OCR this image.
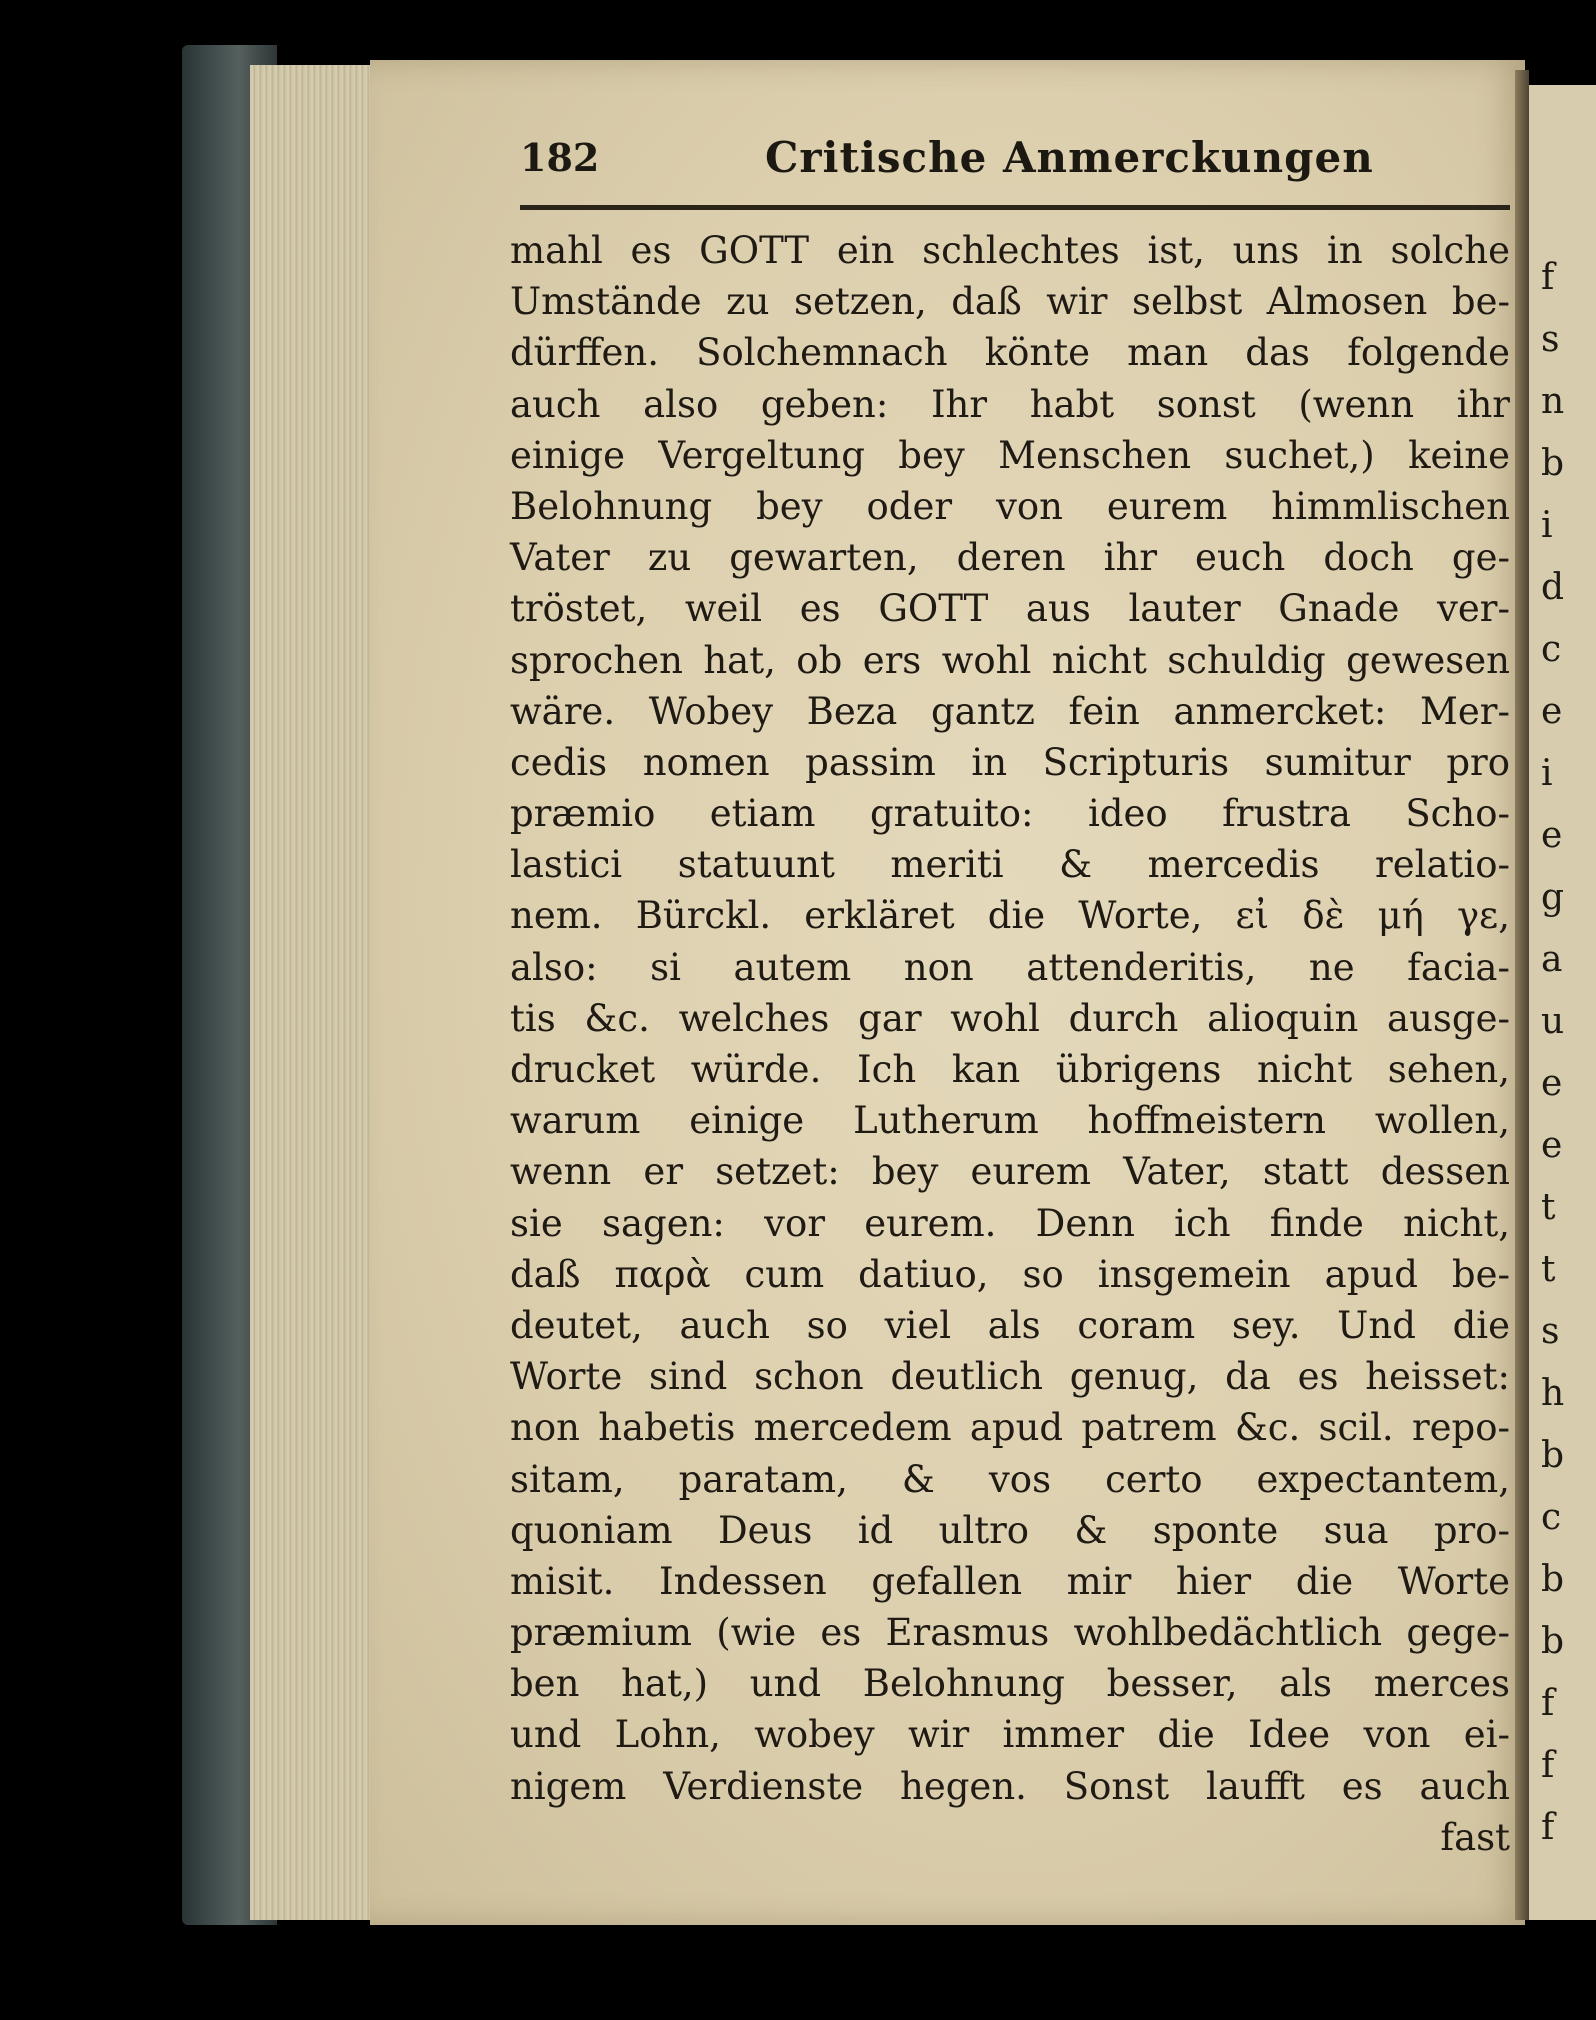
f
s
n
b
i
d
c
e
i
e
g
a
u
e
e
t
t
s
h
b
c
b
b
f
f
f
182	Critische Anmerckungen
mahl es GOTT ein schlechtes ist, uns in solche
Umstände zu setzen, daß wir selbst Almosen be-
dürffen. Solchemnach könte man das folgende
auch also geben: Ihr habt sonst (wenn ihr
einige Vergeltung bey Menschen suchet,) keine
Belohnung bey oder von eurem himmlischen
Vater zu gewarten, deren ihr euch doch ge-
tröstet, weil es GOTT aus lauter Gnade ver-
sprochen hat, ob ers wohl nicht schuldig gewesen
wäre. Wobey Beza gantz fein anmercket: Mer-
cedis nomen passim in Scripturis sumitur pro
præmio etiam gratuito: ideo frustra Scho-
lastici statuunt meriti & mercedis relatio-
nem. Bürckl. erkläret die Worte, εἰ δὲ μή γε,
also: si autem non attenderitis, ne facia-
tis &c. welches gar wohl durch alioquin ausge-
drucket würde. Ich kan übrigens nicht sehen,
warum einige Lutherum hoffmeistern wollen,
wenn er setzet: bey eurem Vater, statt dessen
sie sagen: vor eurem. Denn ich finde nicht,
daß παρὰ cum datiuo, so insgemein apud be-
deutet, auch so viel als coram sey. Und die
Worte sind schon deutlich genug, da es heisset:
non habetis mercedem apud patrem &c. scil. repo-
sitam, paratam, & vos certo expectantem,
quoniam Deus id ultro & sponte sua pro-
misit. Indessen gefallen mir hier die Worte
præmium (wie es Erasmus wohlbedächtlich gege-
ben hat,) und Belohnung besser, als merces
und Lohn, wobey wir immer die Idee von ei-
nigem Verdienste hegen. Sonst laufft es auch
fast
